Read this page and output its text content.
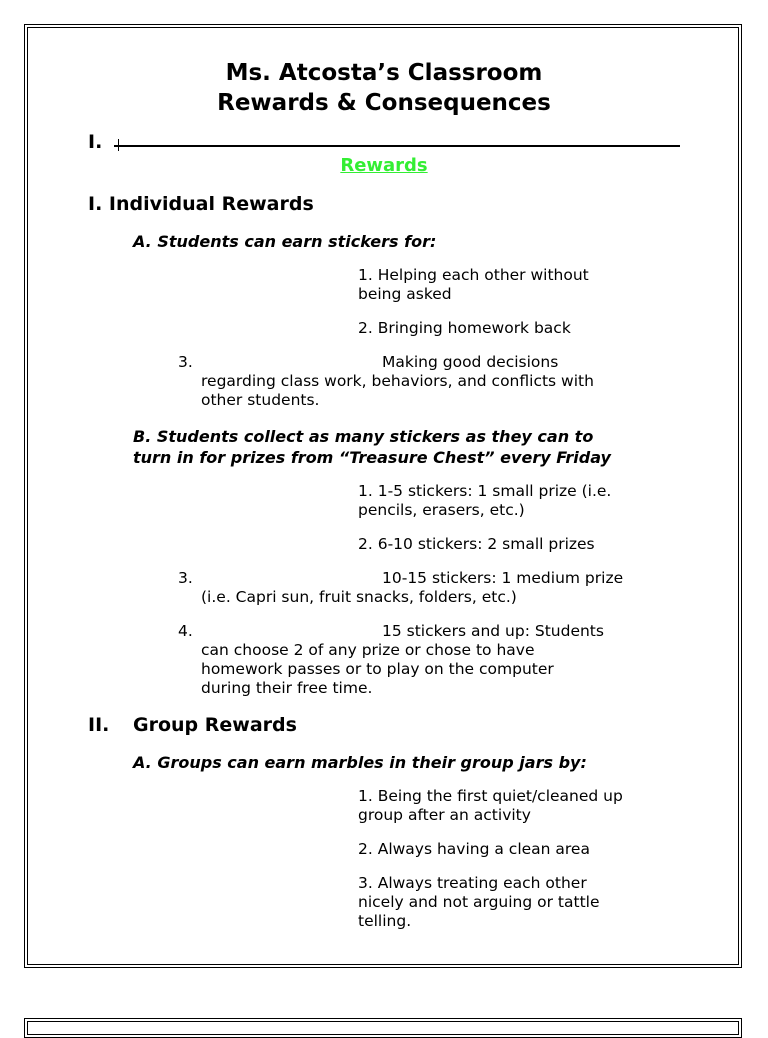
Ms. Atcosta’s Classroom
Rewards & Consequences
I.
Rewards
I. Individual Rewards
A. Students can earn stickers for:
1. Helping each other without
being asked
2. Bringing homework back
3.	Making good decisions
regarding class work, behaviors, and conflicts with
other students.
B. Students collect as many stickers as they can to
turn in for prizes from “Treasure Chest” every Friday
1. 1-5 stickers: 1 small prize (i.e.
pencils, erasers, etc.)
2. 6-10 stickers: 2 small prizes
3.	10-15 stickers: 1 medium prize
(i.e. Capri sun, fruit snacks, folders, etc.)
4.	15 stickers and up: Students
can choose 2 of any prize or chose to have
homework passes or to play on the computer
during their free time.
II. Group Rewards
A. Groups can earn marbles in their group jars by:
1. Being the first quiet/cleaned up
group after an activity
2. Always having a clean area
3. Always treating each other
nicely and not arguing or tattle
telling.
